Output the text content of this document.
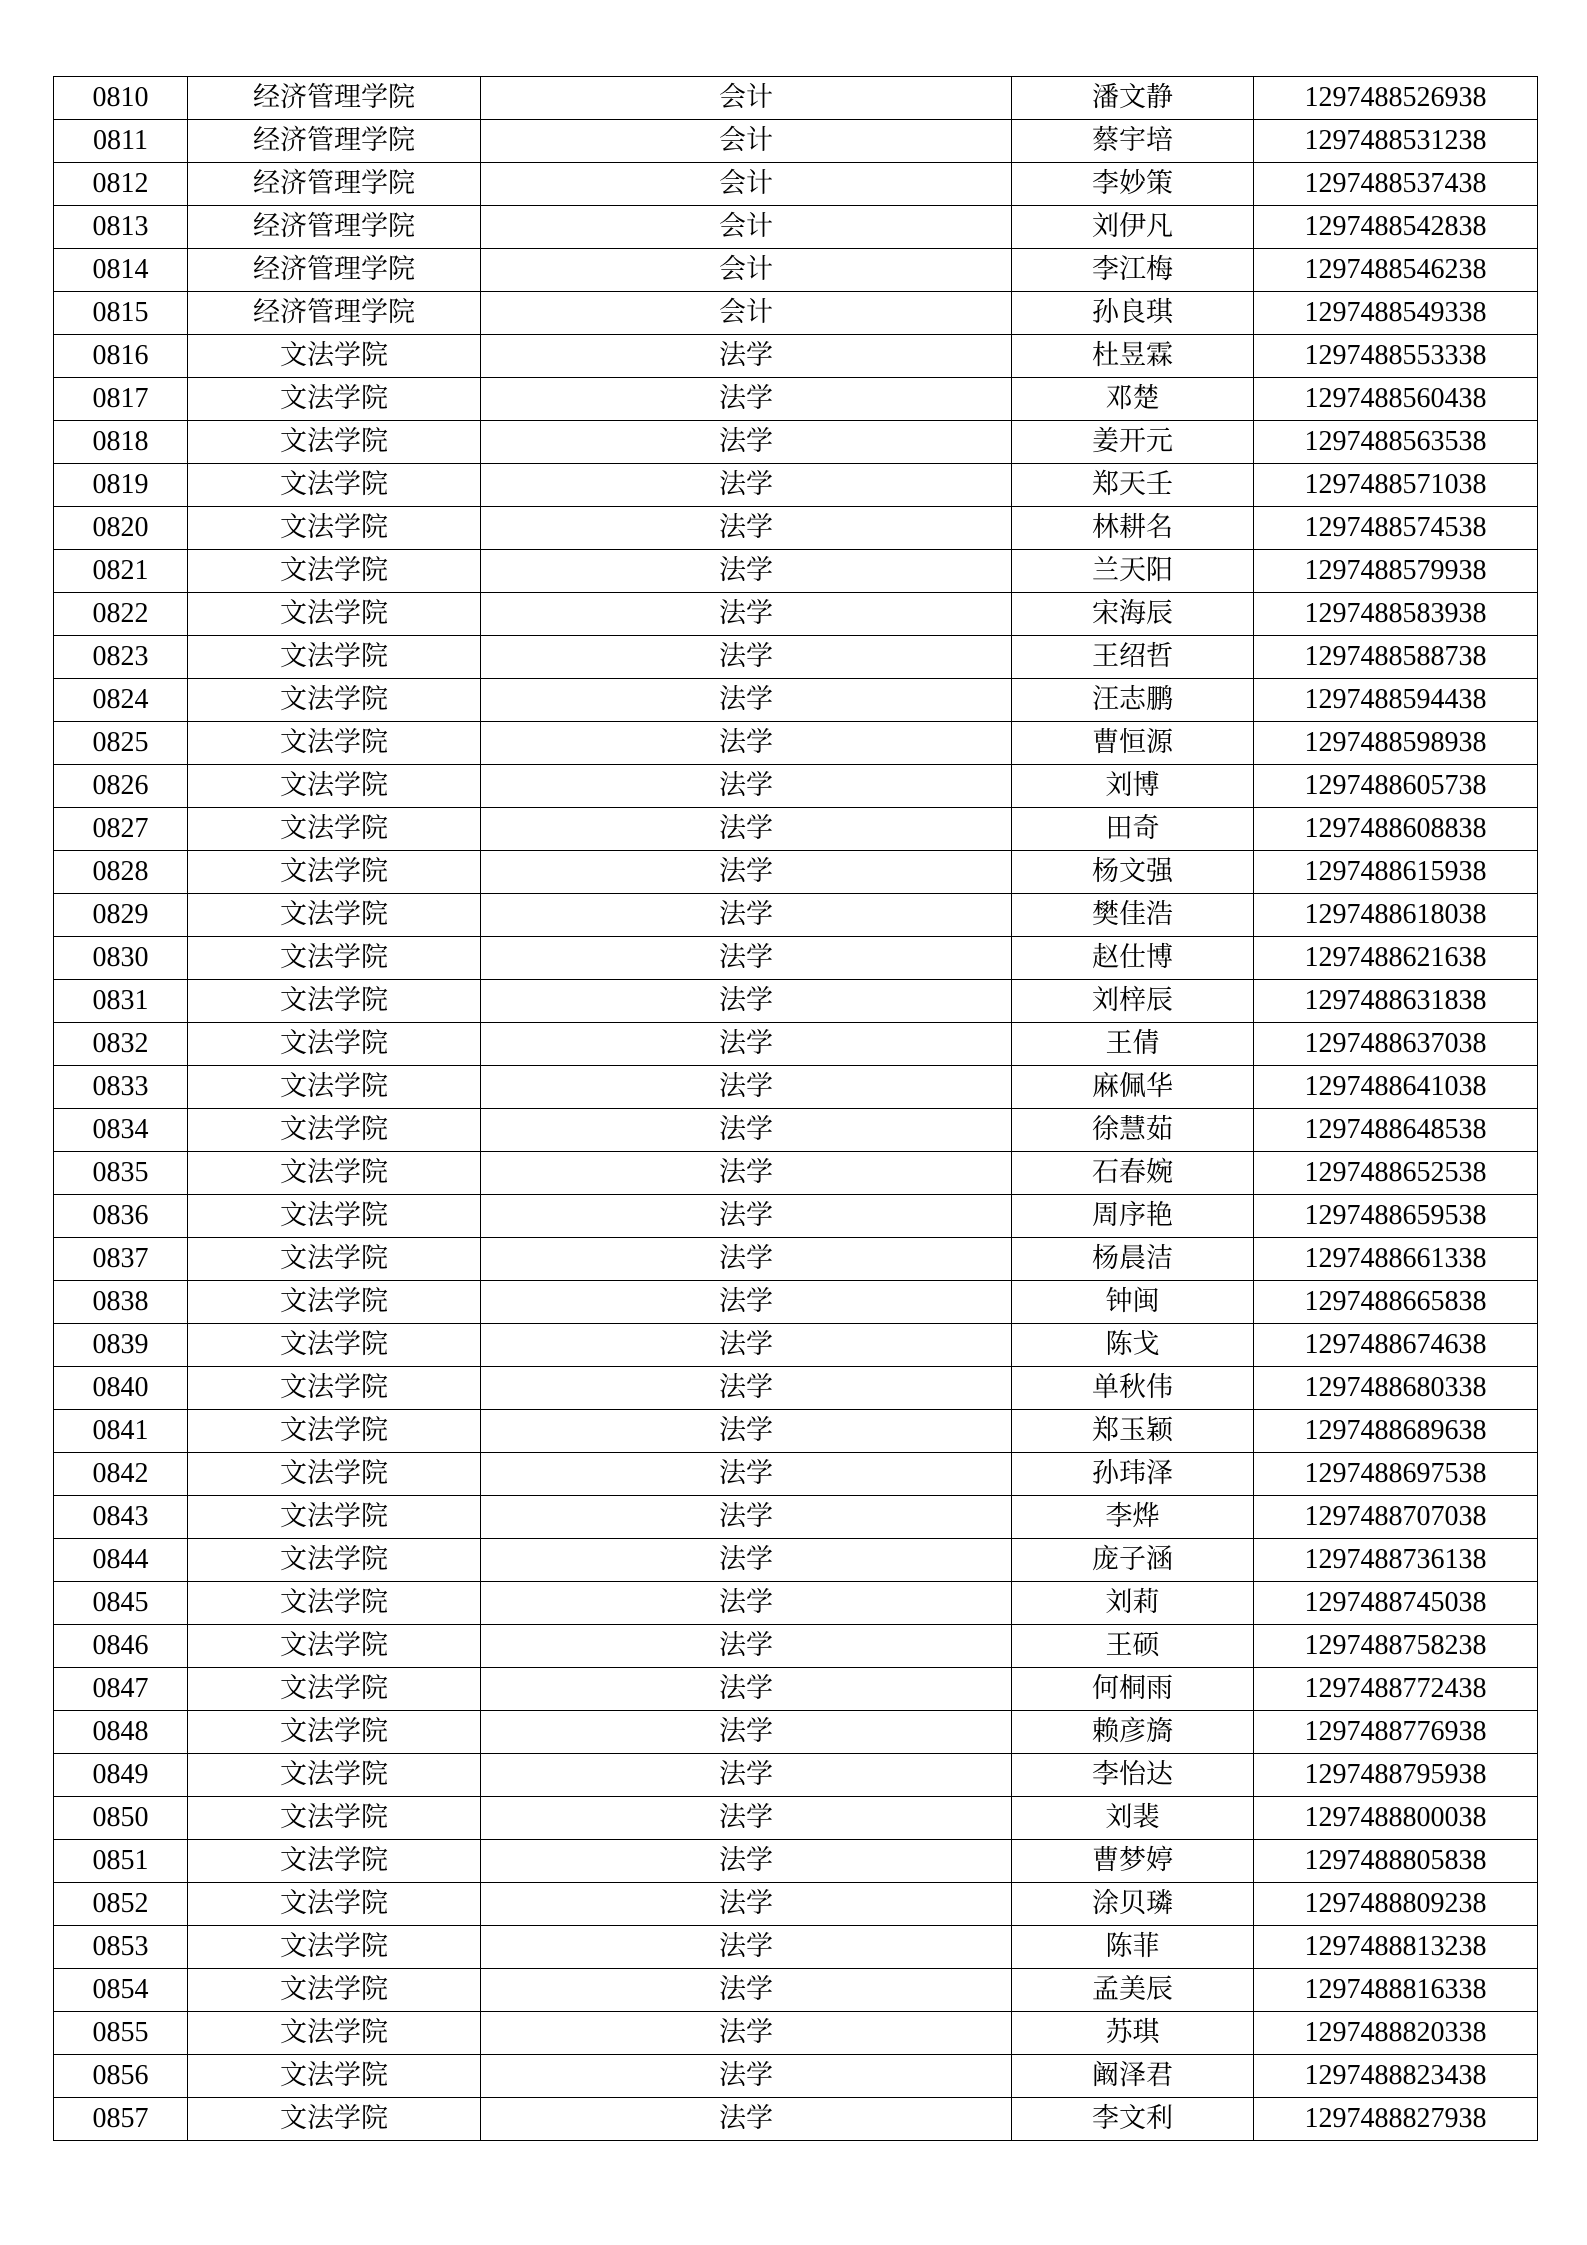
0810	经济管理学院	会计	潘文静	1297488526938
0811	经济管理学院	会计	蔡宇培	1297488531238
0812	经济管理学院	会计	李妙策	1297488537438
0813	经济管理学院	会计	刘伊凡	1297488542838
0814	经济管理学院	会计	李江梅	1297488546238
0815	经济管理学院	会计	孙良琪	1297488549338
0816	文法学院	法学	杜昱霖	1297488553338
0817	文法学院	法学	邓楚	1297488560438
0818	文法学院	法学	姜开元	1297488563538
0819	文法学院	法学	郑天壬	1297488571038
0820	文法学院	法学	林耕名	1297488574538
0821	文法学院	法学	兰天阳	1297488579938
0822	文法学院	法学	宋海辰	1297488583938
0823	文法学院	法学	王绍哲	1297488588738
0824	文法学院	法学	汪志鹏	1297488594438
0825	文法学院	法学	曹恒源	1297488598938
0826	文法学院	法学	刘博	1297488605738
0827	文法学院	法学	田奇	1297488608838
0828	文法学院	法学	杨文强	1297488615938
0829	文法学院	法学	樊佳浩	1297488618038
0830	文法学院	法学	赵仕博	1297488621638
0831	文法学院	法学	刘梓辰	1297488631838
0832	文法学院	法学	王倩	1297488637038
0833	文法学院	法学	麻佩华	1297488641038
0834	文法学院	法学	徐慧茹	1297488648538
0835	文法学院	法学	石春婉	1297488652538
0836	文法学院	法学	周序艳	1297488659538
0837	文法学院	法学	杨晨洁	1297488661338
0838	文法学院	法学	钟闽	1297488665838
0839	文法学院	法学	陈戈	1297488674638
0840	文法学院	法学	单秋伟	1297488680338
0841	文法学院	法学	郑玉颖	1297488689638
0842	文法学院	法学	孙玮泽	1297488697538
0843	文法学院	法学	李烨	1297488707038
0844	文法学院	法学	庞子涵	1297488736138
0845	文法学院	法学	刘莉	1297488745038
0846	文法学院	法学	王硕	1297488758238
0847	文法学院	法学	何桐雨	1297488772438
0848	文法学院	法学	赖彦旖	1297488776938
0849	文法学院	法学	李怡达	1297488795938
0850	文法学院	法学	刘裴	1297488800038
0851	文法学院	法学	曹梦婷	1297488805838
0852	文法学院	法学	涂贝璘	1297488809238
0853	文法学院	法学	陈菲	1297488813238
0854	文法学院	法学	孟美辰	1297488816338
0855	文法学院	法学	苏琪	1297488820338
0856	文法学院	法学	阚泽君	1297488823438
0857	文法学院	法学	李文利	1297488827938
